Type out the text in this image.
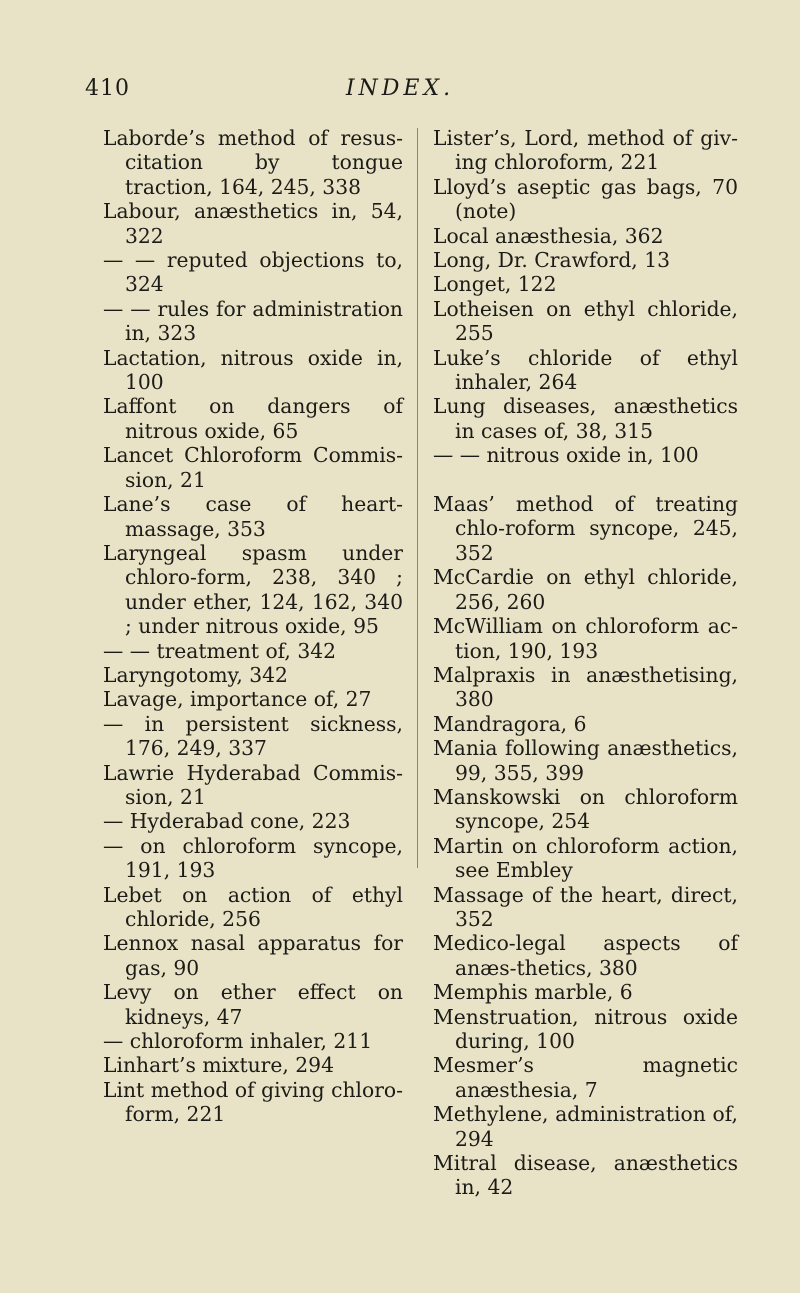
410	INDEX.

Laborde’s method of resus-citation by tongue traction, 164, 245, 338

Labour, anæsthetics in, 54, 322

— — reputed objections to, 324

— — rules for administration in, 323

Lactation, nitrous oxide in, 100

Laffont on dangers of nitrous oxide, 65

Lancet Chloroform Commis-sion, 21

Lane’s case of heart-massage, 353

Laryngeal spasm under chloro-form, 238, 340 ; under ether, 124, 162, 340 ; under nitrous oxide, 95

— — treatment of, 342

Laryngotomy, 342

Lavage, importance of, 27

— in persistent sickness, 176, 249, 337

Lawrie Hyderabad Commis-sion, 21

— Hyderabad cone, 223

— on chloroform syncope, 191, 193

Lebet on action of ethyl chloride, 256

Lennox nasal apparatus for gas, 90

Levy on ether effect on kidneys, 47

— chloroform inhaler, 211

Linhart’s mixture, 294

Lint method of giving chloro-form, 221

Lister’s, Lord, method of giv-ing chloroform, 221

Lloyd’s aseptic gas bags, 70 (note)

Local anæsthesia, 362

Long, Dr. Crawford, 13

Longet, 122

Lotheisen on ethyl chloride, 255

Luke’s chloride of ethyl inhaler, 264

Lung diseases, anæsthetics in cases of, 38, 315

— — nitrous oxide in, 100

Maas’ method of treating chlo-roform syncope, 245, 352

McCardie on ethyl chloride, 256, 260

McWilliam on chloroform ac-tion, 190, 193

Malpraxis in anæsthetising, 380

Mandragora, 6

Mania following anæsthetics, 99, 355, 399

Manskowski on chloroform syncope, 254

Martin on chloroform action, see Embley

Massage of the heart, direct, 352

Medico-legal aspects of anæs-thetics, 380

Memphis marble, 6

Menstruation, nitrous oxide during, 100

Mesmer’s magnetic anæsthesia, 7

Methylene, administration of, 294

Mitral disease, anæsthetics in, 42
